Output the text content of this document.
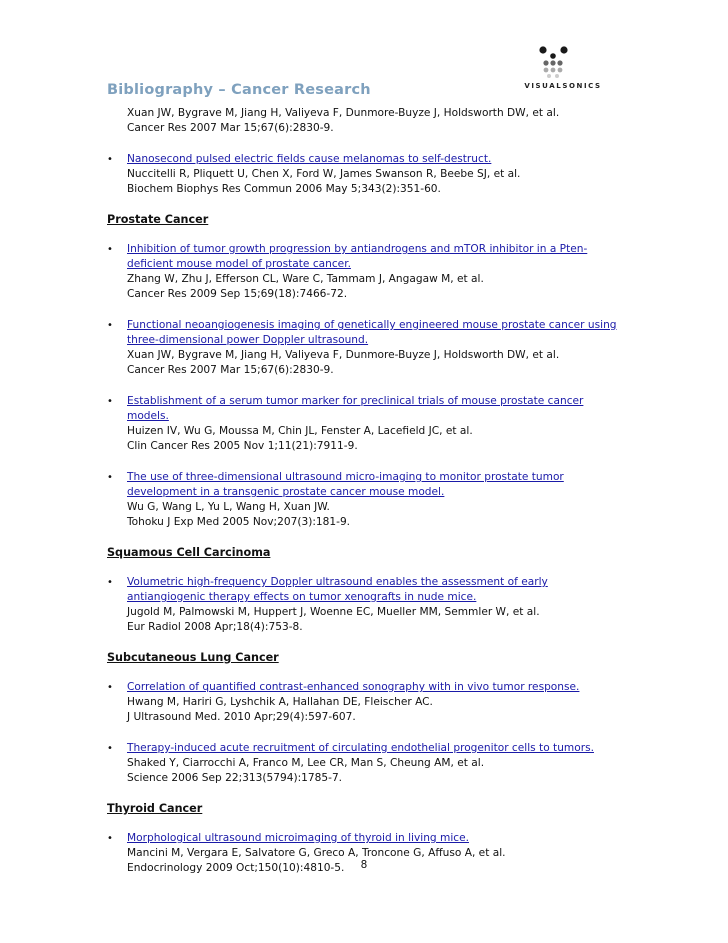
VISUALSONICS
Bibliography – Cancer Research
Xuan JW, Bygrave M, Jiang H, Valiyeva F, Dunmore-Buyze J, Holdsworth DW, et al.
Cancer Res 2007 Mar 15;67(6):2830-9.
• Nanosecond pulsed electric fields cause melanomas to self-destruct.
Nuccitelli R, Pliquett U, Chen X, Ford W, James Swanson R, Beebe SJ, et al.
Biochem Biophys Res Commun 2006 May 5;343(2):351-60.
Prostate Cancer
• Inhibition of tumor growth progression by antiandrogens and mTOR inhibitor in a Pten-deficient mouse model of prostate cancer.
Zhang W, Zhu J, Efferson CL, Ware C, Tammam J, Angagaw M, et al.
Cancer Res 2009 Sep 15;69(18):7466-72.
• Functional neoangiogenesis imaging of genetically engineered mouse prostate cancer using three-dimensional power Doppler ultrasound.
Xuan JW, Bygrave M, Jiang H, Valiyeva F, Dunmore-Buyze J, Holdsworth DW, et al.
Cancer Res 2007 Mar 15;67(6):2830-9.
• Establishment of a serum tumor marker for preclinical trials of mouse prostate cancer models.
Huizen IV, Wu G, Moussa M, Chin JL, Fenster A, Lacefield JC, et al.
Clin Cancer Res 2005 Nov 1;11(21):7911-9.
• The use of three-dimensional ultrasound micro-imaging to monitor prostate tumor development in a transgenic prostate cancer mouse model.
Wu G, Wang L, Yu L, Wang H, Xuan JW.
Tohoku J Exp Med 2005 Nov;207(3):181-9.
Squamous Cell Carcinoma
• Volumetric high-frequency Doppler ultrasound enables the assessment of early antiangiogenic therapy effects on tumor xenografts in nude mice.
Jugold M, Palmowski M, Huppert J, Woenne EC, Mueller MM, Semmler W, et al.
Eur Radiol 2008 Apr;18(4):753-8.
Subcutaneous Lung Cancer
• Correlation of quantified contrast-enhanced sonography with in vivo tumor response.
Hwang M, Hariri G, Lyshchik A, Hallahan DE, Fleischer AC.
J Ultrasound Med. 2010 Apr;29(4):597-607.
• Therapy-induced acute recruitment of circulating endothelial progenitor cells to tumors.
Shaked Y, Ciarrocchi A, Franco M, Lee CR, Man S, Cheung AM, et al.
Science 2006 Sep 22;313(5794):1785-7.
Thyroid Cancer
• Morphological ultrasound microimaging of thyroid in living mice.
Mancini M, Vergara E, Salvatore G, Greco A, Troncone G, Affuso A, et al.
Endocrinology 2009 Oct;150(10):4810-5.	8
